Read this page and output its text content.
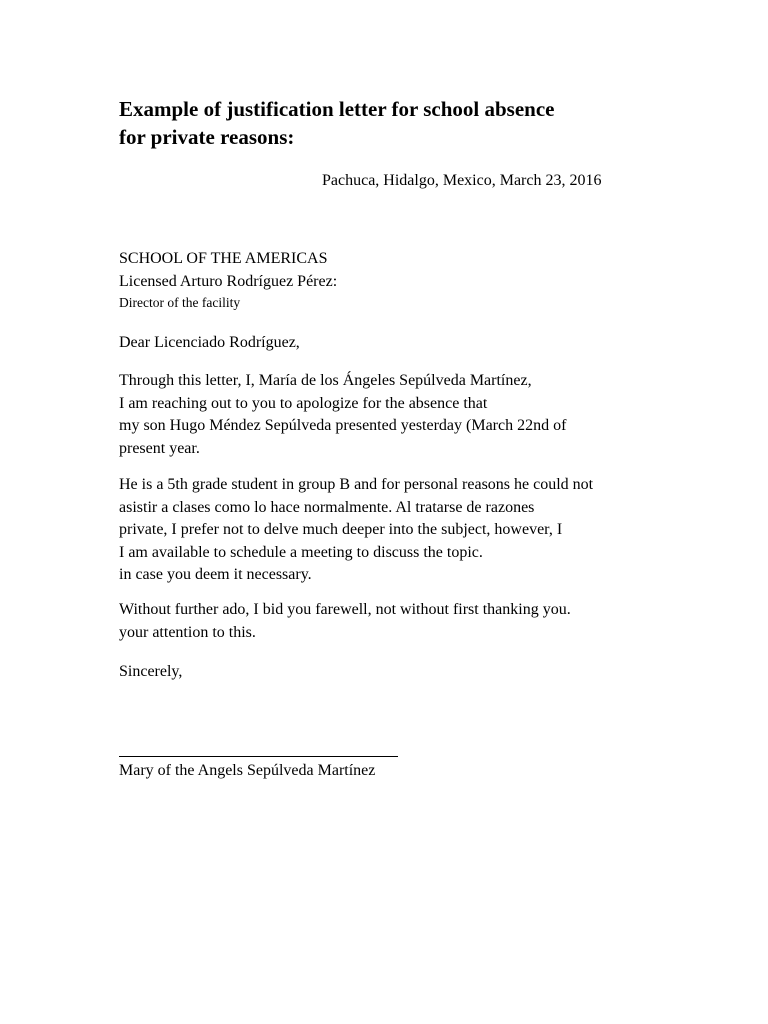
Example of justification letter for school absence
for private reasons:
Pachuca, Hidalgo, Mexico, March 23, 2016
SCHOOL OF THE AMERICAS
Licensed Arturo Rodríguez Pérez:
Director of the facility
Dear Licenciado Rodríguez,
Through this letter, I, María de los Ángeles Sepúlveda Martínez,
I am reaching out to you to apologize for the absence that
my son Hugo Méndez Sepúlveda presented yesterday (March 22nd of
present year.
He is a 5th grade student in group B and for personal reasons he could not
asistir a clases como lo hace normalmente. Al tratarse de razones
private, I prefer not to delve much deeper into the subject, however, I
I am available to schedule a meeting to discuss the topic.
in case you deem it necessary.
Without further ado, I bid you farewell, not without first thanking you.
your attention to this.
Sincerely,
Mary of the Angels Sepúlveda Martínez
